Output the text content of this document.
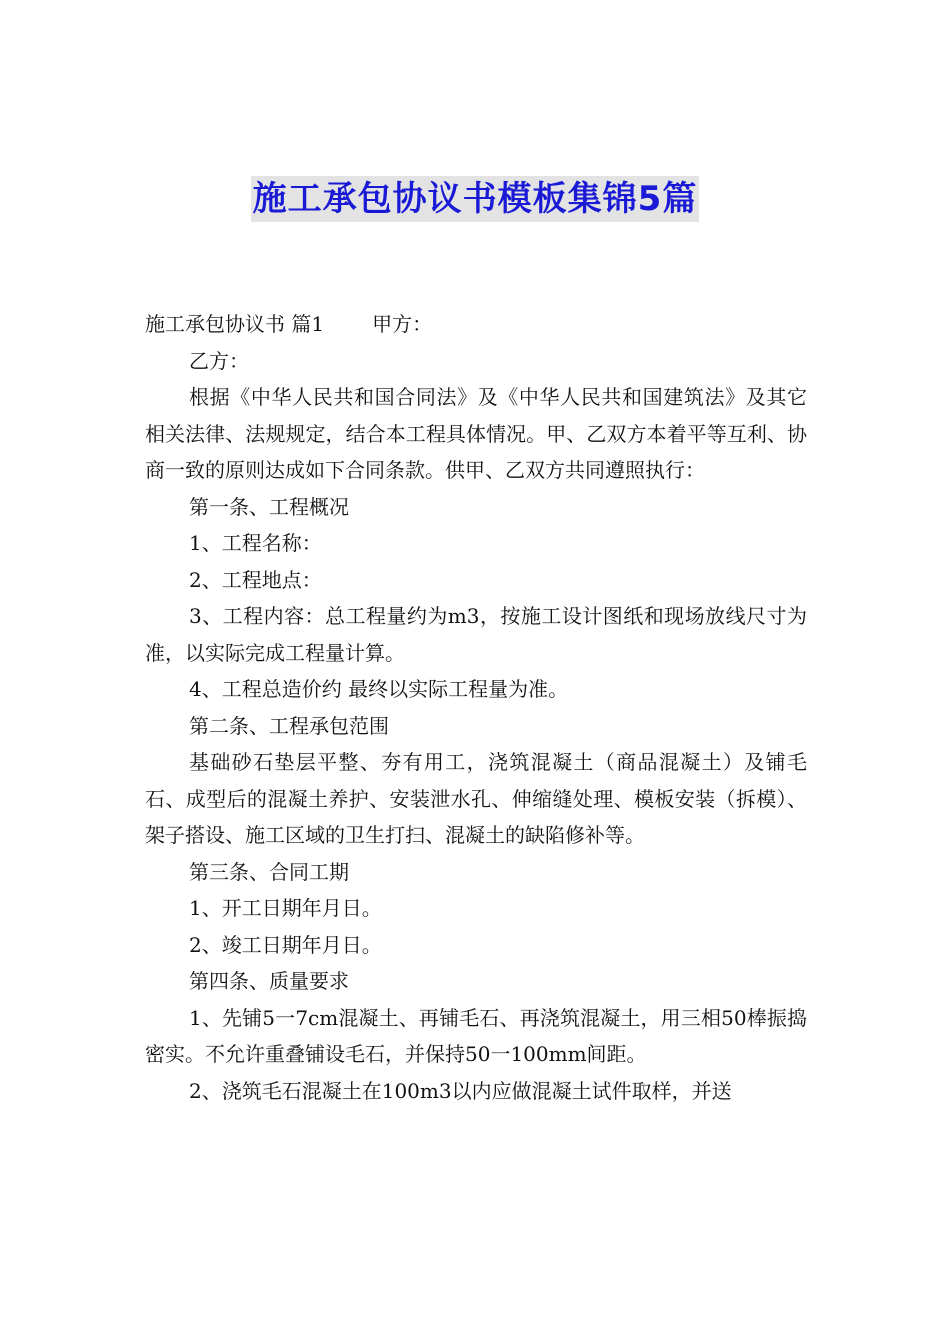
施工承包协议书模板集锦5篇

施工承包协议书 篇1 甲方：

乙方：

根据《中华人民共和国合同法》及《中华人民共和国建筑法》及其它相关法律、法规规定，结合本工程具体情况。甲、乙双方本着平等互利、协商一致的原则达成如下合同条款。供甲、乙双方共同遵照执行：

第一条、工程概况

1、工程名称：

2、工程地点：

3、工程内容：总工程量约为m3，按施工设计图纸和现场放线尺寸为准，以实际完成工程量计算。

4、工程总造价约 最终以实际工程量为准。

第二条、工程承包范围

基础砂石垫层平整、夯有用工，浇筑混凝土（商品混凝土）及铺毛石、成型后的混凝土养护、安装泄水孔、伸缩缝处理、模板安装（拆模）、架子搭设、施工区域的卫生打扫、混凝土的缺陷修补等。

第三条、合同工期

1、开工日期年月日。

2、竣工日期年月日。

第四条、质量要求

1、先铺5一7cm混凝土、再铺毛石、再浇筑混凝土，用三相50棒振捣密实。不允许重叠铺设毛石，并保持50一100mm间距。

2、浇筑毛石混凝土在100m3以内应做混凝土试件取样，并送
